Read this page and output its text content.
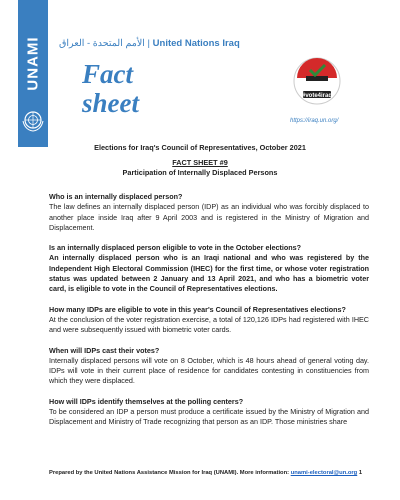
UNAMI الأمم المتحدة - العراق | United Nations Iraq
Fact
sheet	#vote4iraq
https://iraq.un.org/
Elections for Iraq's Council of Representatives, October 2021
FACT SHEET #9
Participation of Internally Displaced Persons

Who is an internally displaced person?

The law defines an internally displaced person (IDP) as an individual who was forcibly displaced to another place inside Iraq after 9 April 2003 and is registered in the Ministry of Migration and Displacement.

Is an internally displaced person eligible to vote in the October elections?

An internally displaced person who is an Iraqi national and who was registered by the Independent High Electoral Commission (IHEC) for the first time, or whose voter registration status was updated between 2 January and 13 April 2021, and who has a biometric voter card, is eligible to vote in the Council of Representatives elections.

How many IDPs are eligible to vote in this year's Council of Representatives elections?

At the conclusion of the voter registration exercise, a total of 120,126 IDPs had registered with IHEC and were subsequently issued with biometric voter cards.

When will IDPs cast their votes?

Internally displaced persons will vote on 8 October, which is 48 hours ahead of general voting day. IDPs will vote in their current place of residence for candidates contesting in constituencies from which they were displaced.

How will IDPs identify themselves at the polling centers?

To be considered an IDP a person must produce a certificate issued by the Ministry of Migration and Displacement and Ministry of Trade recognizing that person as an IDP. Those ministries share

Prepared by the United Nations Assistance Mission for Iraq (UNAMI). More information: unami-electoral@un.org 1
